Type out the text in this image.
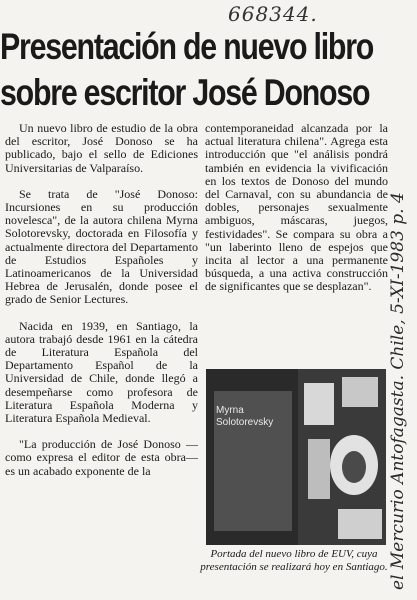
668344.
Presentación de nuevo libro
sobre escritor José Donoso

Un nuevo libro de estudio de la obra del escritor, José Donoso se ha publicado, bajo el sello de Ediciones Universitarias de Valparaíso.

Se trata de "José Donoso: Incursiones en su producción novelesca", de la autora chilena Myrna Solotorevsky, doctorada en Filosofía y actualmente directora del Departamento de Estudios Españoles y Latinoamericanos de la Universidad Hebrea de Jerusalén, donde posee el grado de Senior Lectures.

Nacida en 1939, en Santiago, la autora trabajó desde 1961 en la cátedra de Literatura Española del Departamento Español de la Universidad de Chile, donde llegó a desempeñarse como profesora de Literatura Española Moderna y Literatura Española Medieval.

"La producción de José Donoso —como expresa el editor de esta obra— es un acabado exponente de la

contemporaneidad alcanzada por la actual literatura chilena". Agrega esta introducción que "el análisis pondrá también en evidencia la vivificación en los textos de Donoso del mundo del Carnaval, con su abundancia de dobles, personajes sexualmente ambiguos, máscaras, juegos, festividades". Se compara su obra a "un laberinto lleno de espejos que incita al lector a una permanente búsqueda, a una activa construcción de significantes que se desplazan".

Myrna
Solotorevsky
Portada del nuevo libro de EUV, cuya presentación se realizará hoy en Santiago. el Mercurio Antofagasta. Chile, 5-XI-1983 p. 4
